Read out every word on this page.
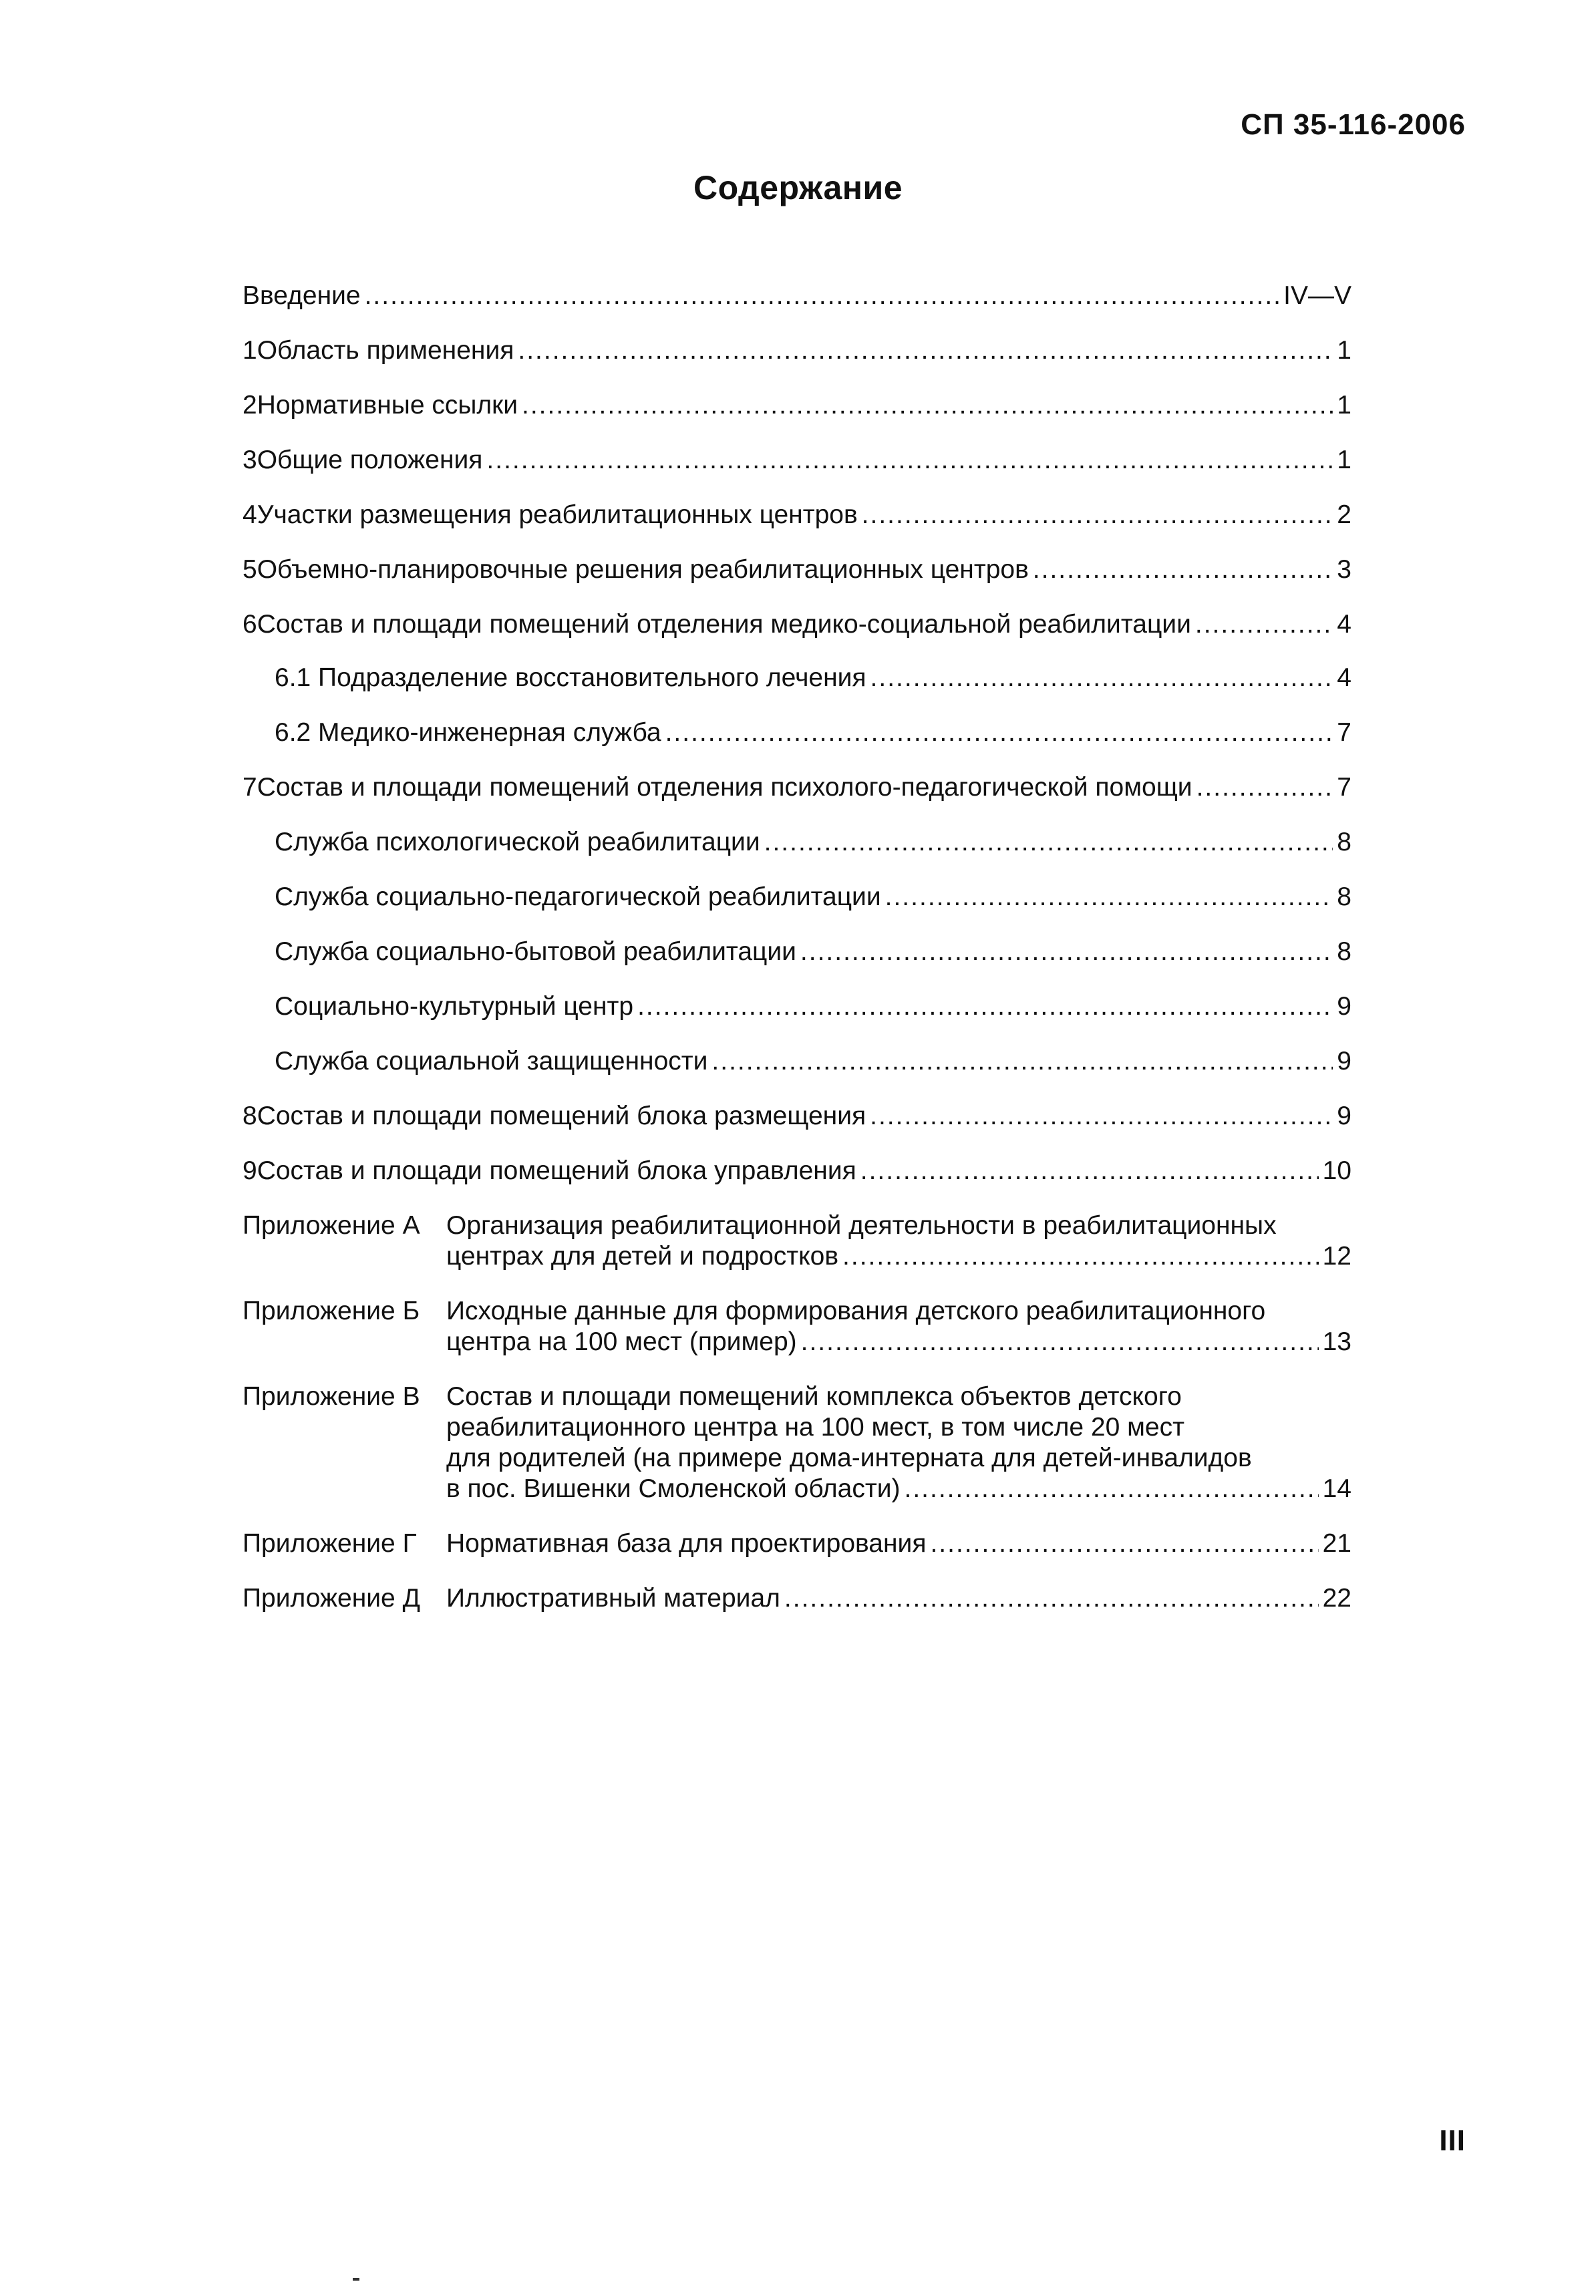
СП 35-116-2006
Содержание
Введение .....	IV—V
1 Область применения .....	1
2 Нормативные ссылки .....	1
3 Общие положения .....	1
4 Участки размещения реабилитационных центров .....	2
5 Объемно-планировочные решения реабилитационных центров .....	3
6 Состав и площади помещений отделения медико-социальной реабилитации .....	4
6.1 Подразделение восстановительного лечения .....	4
6.2 Медико-инженерная служба .....	7
7 Состав и площади помещений отделения психолого-педагогической помощи .....	7
Служба психологической реабилитации .....	8
Служба социально-педагогической реабилитации .....	8
Служба социально-бытовой реабилитации .....	8
Социально-культурный центр .....	9
Служба социальной защищенности .....	9
8 Состав и площади помещений блока размещения .....	9
9 Состав и площади помещений блока управления .....	10
Приложение А Организация реабилитационной деятельности в реабилитационных
центрах для детей и подростков .....	12
Приложение Б Исходные данные для формирования детского реабилитационного
центра на 100 мест (пример) .....	13
Приложение В Состав и площади помещений комплекса объектов детского
реабилитационного центра на 100 мест, в том числе 20 мест
для родителей (на примере дома-интерната для детей-инвалидов
в пос. Вишенки Смоленской области) .....	14
Приложение Г Нормативная база для проектирования .....	21
Приложение Д Иллюстративный материал .....	22
III
